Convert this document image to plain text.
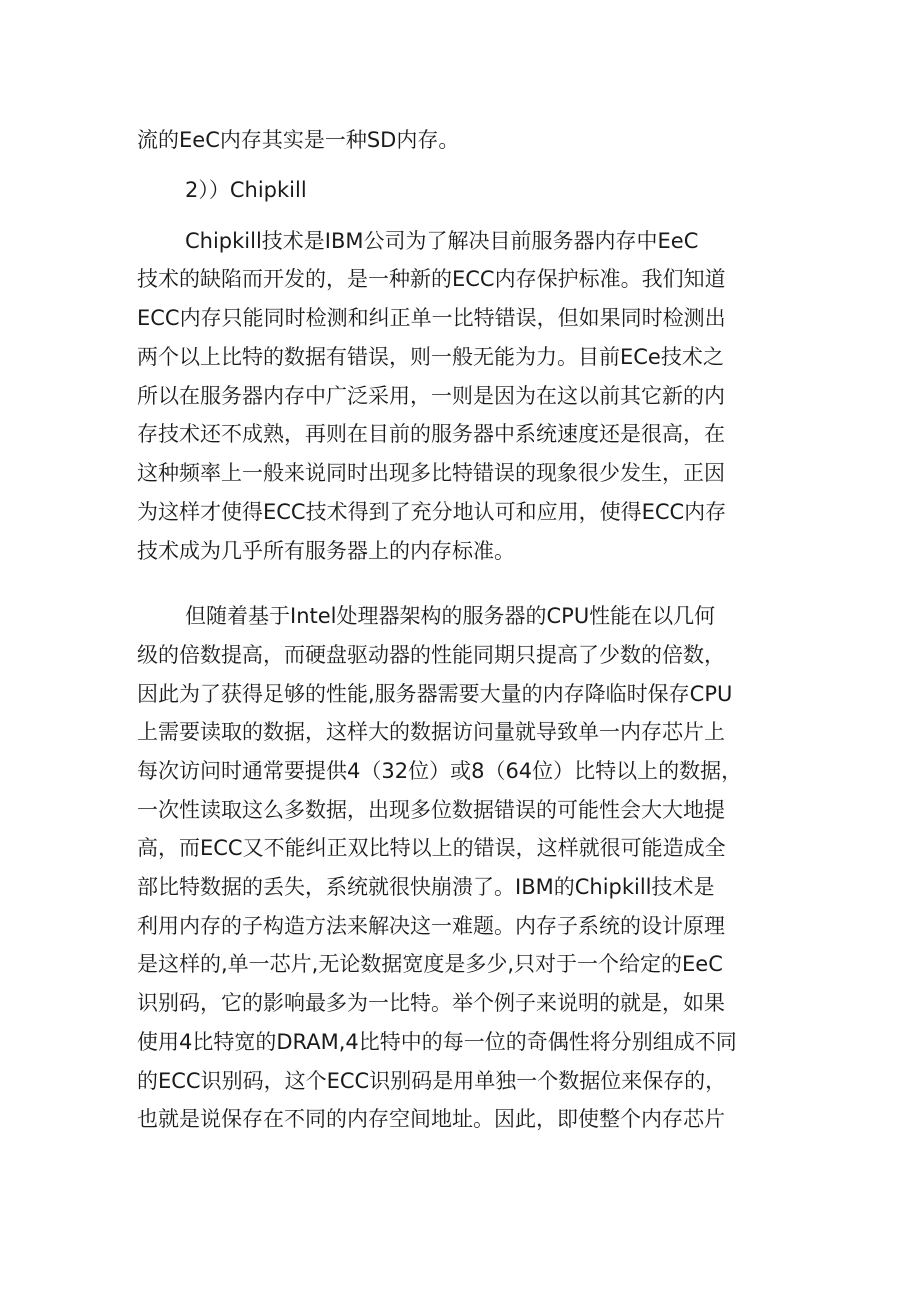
流的EeC内存其实是一种SD内存。
2））Chipkill
Chipkill技术是IBM公司为了解决目前服务器内存中EeC
技术的缺陷而开发的，是一种新的ECC内存保护标准。我们知道
ECC内存只能同时检测和纠正单一比特错误，但如果同时检测出
两个以上比特的数据有错误，则一般无能为力。目前ECe技术之
所以在服务器内存中广泛采用，一则是因为在这以前其它新的内
存技术还不成熟，再则在目前的服务器中系统速度还是很高，在
这种频率上一般来说同时出现多比特错误的现象很少发生，正因
为这样才使得ECC技术得到了充分地认可和应用，使得ECC内存
技术成为几乎所有服务器上的内存标准。
但随着基于Intel处理器架构的服务器的CPU性能在以几何
级的倍数提高，而硬盘驱动器的性能同期只提高了少数的倍数，
因此为了获得足够的性能,服务器需要大量的内存降临时保存CPU
上需要读取的数据，这样大的数据访问量就导致单一内存芯片上
每次访问时通常要提供4（32位）或8（64位）比特以上的数据，
一次性读取这么多数据，出现多位数据错误的可能性会大大地提
高，而ECC又不能纠正双比特以上的错误，这样就很可能造成全
部比特数据的丢失，系统就很快崩溃了。IBM的Chipkill技术是
利用内存的子构造方法来解决这一难题。内存子系统的设计原理
是这样的,单一芯片,无论数据宽度是多少,只对于一个给定的EeC
识别码，它的影响最多为一比特。举个例子来说明的就是，如果
使用4比特宽的DRAM,4比特中的每一位的奇偶性将分别组成不同
的ECC识别码，这个ECC识别码是用单独一个数据位来保存的，
也就是说保存在不同的内存空间地址。因此，即使整个内存芯片
